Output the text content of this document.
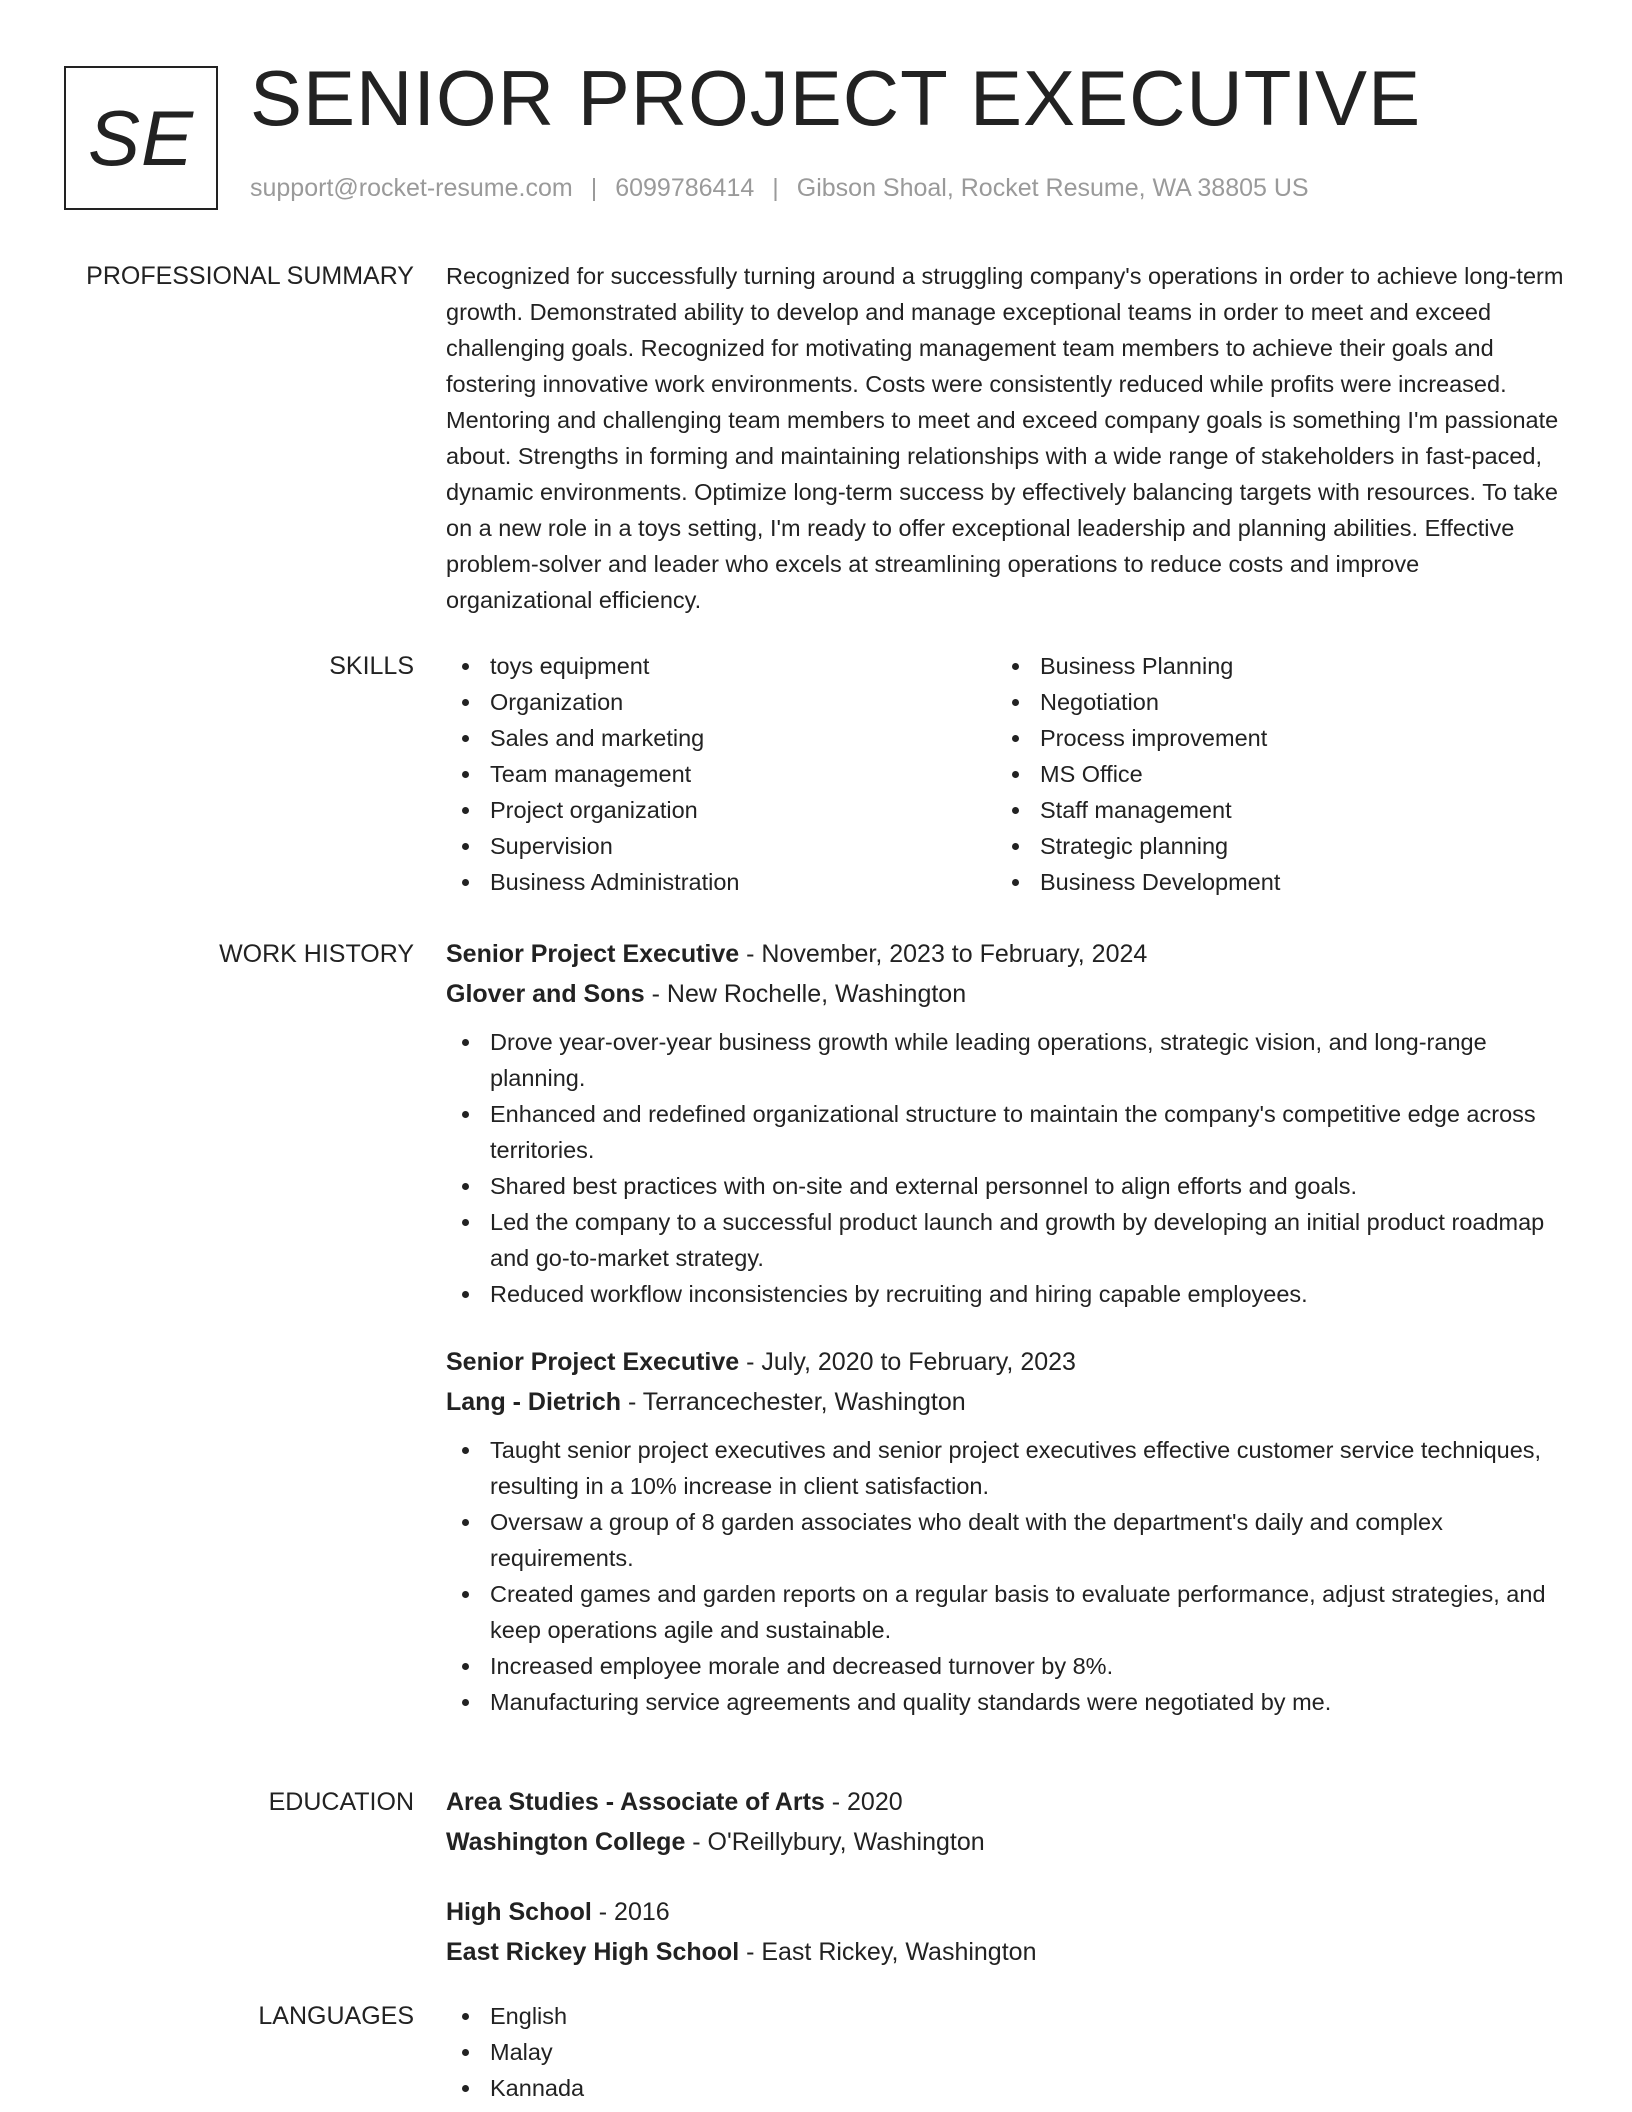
SE SENIOR PROJECT EXECUTIVE
support@rocket-resume.com | 6099786414 | Gibson Shoal, Rocket Resume, WA 38805 US
PROFESSIONAL SUMMARY Recognized for successfully turning around a struggling company's operations in order to achieve long-term growth. Demonstrated ability to develop and manage exceptional teams in order to meet and exceed challenging goals. Recognized for motivating management team members to achieve their goals and fostering innovative work environments. Costs were consistently reduced while profits were increased. Mentoring and challenging team members to meet and exceed company goals is something I'm passionate about. Strengths in forming and maintaining relationships with a wide range of stakeholders in fast-paced, dynamic environments. Optimize long-term success by effectively balancing targets with resources. To take on a new role in a toys setting, I'm ready to offer exceptional leadership and planning abilities. Effective problem-solver and leader who excels at streamlining operations to reduce costs and improve organizational efficiency.

SKILLS	toys equipment
Organization
Sales and marketing
Team management
Project organization
Supervision
Business Administration
Business Planning
Negotiation
Process improvement
MS Office
Staff management
Strategic planning
Business Development
WORK HISTORY Senior Project Executive - November, 2023 to February, 2024
Glover and Sons - New Rochelle, Washington
Drove year-over-year business growth while leading operations, strategic vision, and long-range planning.
Enhanced and redefined organizational structure to maintain the company's competitive edge across territories.
Shared best practices with on-site and external personnel to align efforts and goals.
Led the company to a successful product launch and growth by developing an initial product roadmap and go-to-market strategy.
Reduced workflow inconsistencies by recruiting and hiring capable employees.
Senior Project Executive - July, 2020 to February, 2023
Lang - Dietrich - Terrancechester, Washington
Taught senior project executives and senior project executives effective customer service techniques, resulting in a 10% increase in client satisfaction.
Oversaw a group of 8 garden associates who dealt with the department's daily and complex requirements.
Created games and garden reports on a regular basis to evaluate performance, adjust strategies, and keep operations agile and sustainable.
Increased employee morale and decreased turnover by 8%.
Manufacturing service agreements and quality standards were negotiated by me.
EDUCATION Area Studies - Associate of Arts - 2020
Washington College - O'Reillybury, Washington
High School - 2016
East Rickey High School - East Rickey, Washington
LANGUAGES	English
Malay
Kannada
